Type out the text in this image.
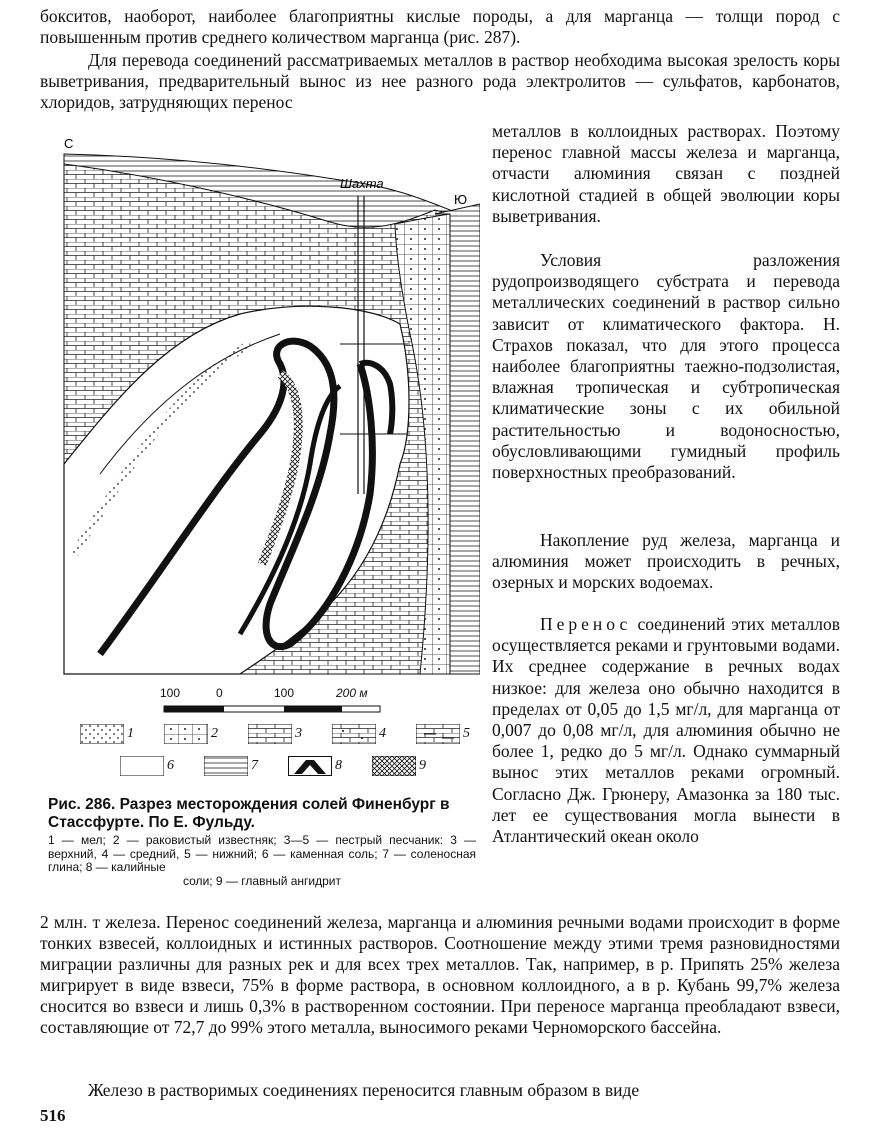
бокситов, наоборот, наиболее благоприятны кислые породы, а для марганца — толщи пород с повышенным против среднего количеством марганца (рис. 287).

Для перевода соединений рассматриваемых металлов в раствор необходима высокая зрелость коры выветривания, предварительный вынос из нее разного рода электролитов — сульфатов, карбонатов, хлоридов, затрудняющих перенос

С
Шахта
Ю
100	0	100	200 м
1	2	3	4	5
6	7	8	9

Рис. 286. Разрез месторождения солей Финенбург в Стассфурте. По Е. Фульду.

1 — мел; 2 — раковистый известняк; 3—5 — пестрый песчаник: 3 — верхний, 4 — средний, 5 — нижний; 6 — каменная соль; 7 — соленосная глина; 8 — калийные

соли; 9 — главный ангидрит

металлов в коллоидных растворах. Поэтому перенос главной массы железа и марганца, отчасти алюминия связан с поздней кислотной стадией в общей эволюции коры выветривания.

Условия разложения рудопроизводящего субстрата и перевода металлических соединений в раствор сильно зависит от климатического фактора. Н. Страхов показал, что для этого процесса наиболее благоприятны таежно-подзолистая, влажная тропическая и субтропическая климатические зоны с их обильной растительностью и водоносностью, обусловливающими гумидный профиль поверхностных преобразований.

Накопление руд железа, марганца и алюминия может происходить в речных, озерных и морских водоемах.

Перенос соединений этих металлов осуществляется реками и грунтовыми водами. Их среднее содержание в речных водах низкое: для железа оно обычно находится в пределах от 0,05 до 1,5 мг/л, для марганца от 0,007 до 0,08 мг/л, для алюминия обычно не более 1, редко до 5 мг/л. Однако суммарный вынос этих металлов реками огромный. Согласно Дж. Грюнеру, Амазонка за 180 тыс. лет ее существования могла вынести в Атлантический океан около

2 млн. т железа. Перенос соединений железа, марганца и алюминия речными водами происходит в форме тонких взвесей, коллоидных и истинных растворов. Соотношение между этими тремя разновидностями миграции различны для разных рек и для всех трех металлов. Так, например, в р. Припять 25% железа мигрирует в виде взвеси, 75% в форме раствора, в основном коллоидного, а в р. Кубань 99,7% железа сносится во взвеси и лишь 0,3% в растворенном состоянии. При переносе марганца преобладают взвеси, составляющие от 72,7 до 99% этого металла, выносимого реками Черноморского бассейна.

Железо в растворимых соединениях переносится главным образом в виде

516
